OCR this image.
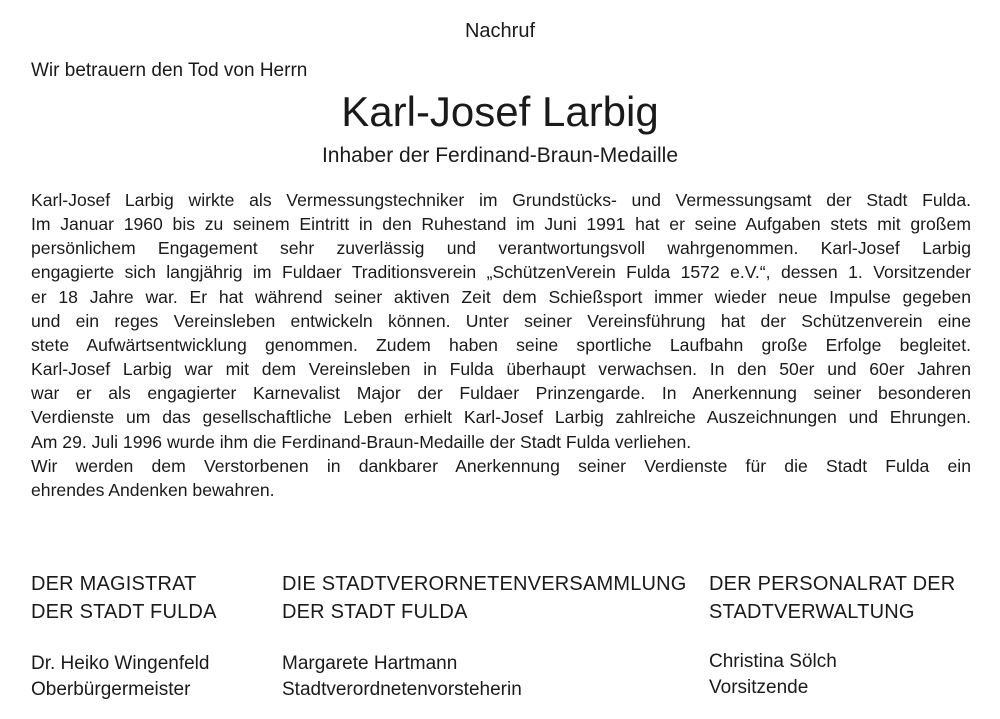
Nachruf
Wir betrauern den Tod von Herrn
Karl-Josef Larbig
Inhaber der Ferdinand-Braun-Medaille

Karl-Josef Larbig wirkte als Vermessungstechniker im Grundstücks- und Vermessungsamt der Stadt Fulda.
Im Januar 1960 bis zu seinem Eintritt in den Ruhestand im Juni 1991 hat er seine Aufgaben stets mit großem
persönlichem Engagement sehr zuverlässig und verantwortungsvoll wahrgenommen. Karl-Josef Larbig
engagierte sich langjährig im Fuldaer Traditionsverein „SchützenVerein Fulda 1572 e.V.“, dessen 1. Vorsitzender
er 18 Jahre war. Er hat während seiner aktiven Zeit dem Schießsport immer wieder neue Impulse gegeben
und ein reges Vereinsleben entwickeln können. Unter seiner Vereinsführung hat der Schützenverein eine
stete Aufwärtsentwicklung genommen. Zudem haben seine sportliche Laufbahn große Erfolge begleitet.
Karl-Josef Larbig war mit dem Vereinsleben in Fulda überhaupt verwachsen. In den 50er und 60er Jahren
war er als engagierter Karnevalist Major der Fuldaer Prinzengarde. In Anerkennung seiner besonderen
Verdienste um das gesellschaftliche Leben erhielt Karl-Josef Larbig zahlreiche Auszeichnungen und Ehrungen.
Am 29. Juli 1996 wurde ihm die Ferdinand-Braun-Medaille der Stadt Fulda verliehen.
Wir werden dem Verstorbenen in dankbarer Anerkennung seiner Verdienste für die Stadt Fulda ein
ehrendes Andenken bewahren.

DER MAGISTRAT
DER STADT FULDA
Dr. Heiko Wingenfeld
Oberbürgermeister
DIE STADTVERORNETENVERSAMMLUNG
DER STADT FULDA
Margarete Hartmann
Stadtverordnetenvorsteherin
DER PERSONALRAT DER
STADTVERWALTUNG
Christina Sölch
Vorsitzende
